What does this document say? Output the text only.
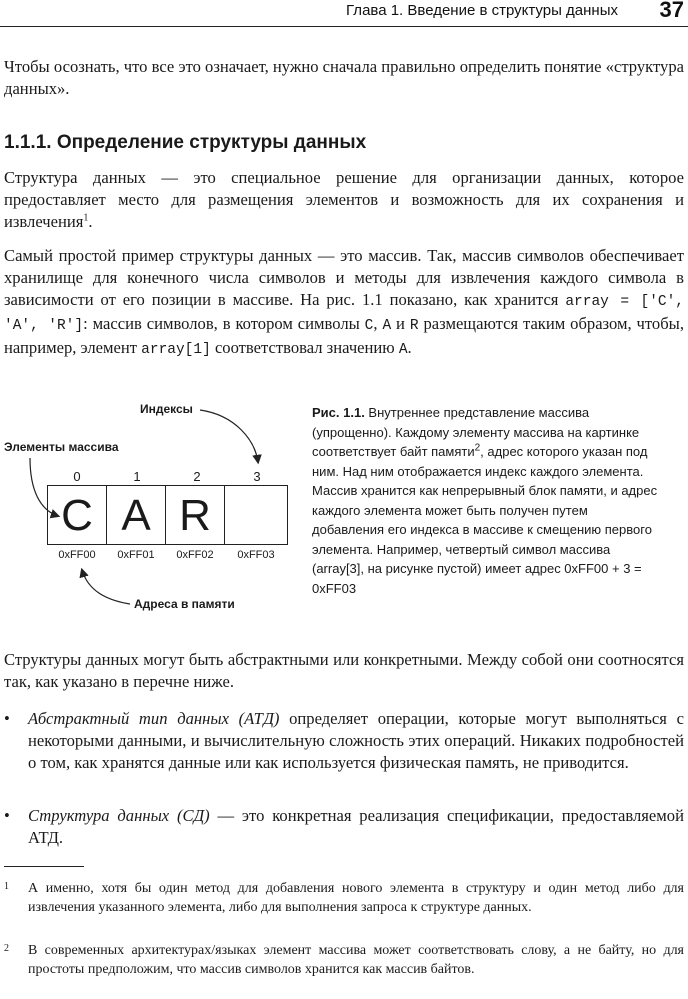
Глава 1. Введение в структуры данных 37

Чтобы осознать, что все это означает, нужно сначала правильно определить понятие «структура данных».

1.1.1. Определение структуры данных

Структура данных — это специальное решение для организации данных, которое предоставляет место для размещения элементов и возможность для их сохранения и извлечения$^1$.

Самый простой пример структуры данных — это массив. Так, массив символов обеспечивает хранилище для конечного числа символов и методы для извлечения каждого символа в зависимости от его позиции в массиве. На рис. 1.1 показано, как хранится array = ['C', 'A', 'R']: массив символов, в котором символы C, A и R размещаются таким образом, чтобы, например, элемент array[1] соответствовал значению A.

Индексы
Элементы массива
Адреса в памяти
0	1	2	3
C A R
0xFF00	0xFF01	0xFF02	0xFF03
Рис. 1.1. Внутреннее представление массива (упрощенно). Каждому элементу массива на картинке соответствует байт памяти$^2$, адрес которого указан под ним. Над ним отображается индекс каждого элемента. Массив хранится как непрерывный блок памяти, и адрес каждого элемента может быть получен путем добавления его индекса в массиве к смещению первого элемента. Например, четвертый символ массива (array[3], на рисунке пустой) имеет адрес 0xFF00 + 3 = 0xFF03

Структуры данных могут быть абстрактными или конкретными. Между собой они соотносятся так, как указано в перечне ниже.

•	Абстрактный тип данных (АТД) определяет операции, которые могут выполняться с некоторыми данными, и вычислительную сложность этих операций. Никаких подробностей о том, как хранятся данные или как используется физическая память, не приводится.
•	Структура данных (СД) — это конкретная реализация спецификации, предоставляемой АТД.
1 А именно, хотя бы один метод для добавления нового элемента в структуру и один метод либо для извлечения указанного элемента, либо для выполнения запроса к структуре данных.
2 В современных архитектурах/языках элемент массива может соответствовать слову, а не байту, но для простоты предположим, что массив символов хранится как массив байтов.
